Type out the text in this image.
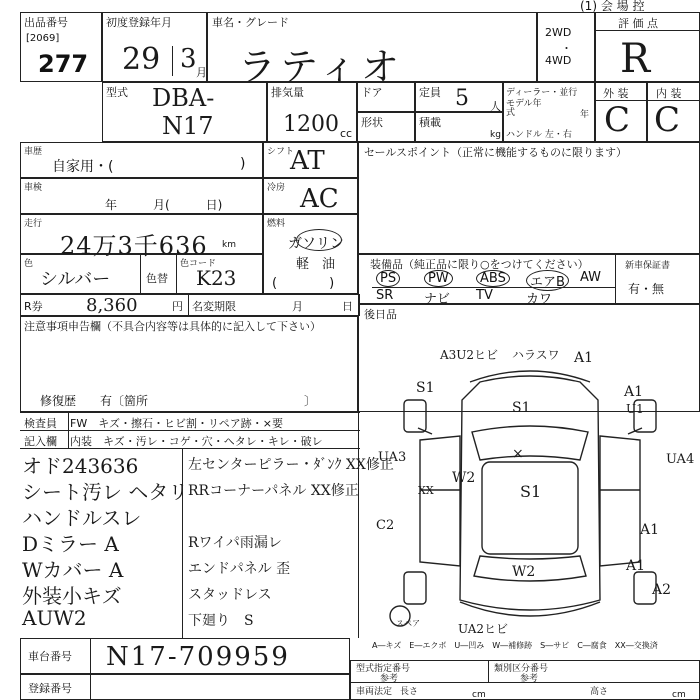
(1) 会 場 控
出品番号
[2069]
277
初度登録年月
29 3 月
車名・グレード
ラティオ
2WD
・
4WD
評 価 点
R
型式 DBA-
N17
排気量
1200 cc
ドア
形状
定員 5 人
積載
kg
ディーラー・並行
モデル年式	年
ハンドル 左・右
外 装	内 装
C C
車歴
自家用・(	)
シフト
AT
車検
年　　　月(　　　日)
冷房 AC
走行
24万3千636 km
燃料
ガソリン
軽　油
(　　　　)
色
シルバー	色替
色コード
K23
R券 8,360	円 名変期限	月	日
セールスポイント（正常に機能するものに限ります）
装備品（純正品に限り○をつけてください）	新車保証書
有・無
PS	PW	ABS	エアB	AW
SR ナビ TV	カワ
後日品
注意事項申告欄（不具合内容等は具体的に記入して下さい）
修復歴　　有〔箇所　　　　　　　　　　　　　〕
検査員 FW　キズ・擦石・ヒビ割・リペア跡・×要
記入欄 内装　キズ・汚レ・コゲ・穴・ヘタレ・キレ・破レ
オド243636
シート汚レ ヘタリ
ハンドルスレ
Dミラー A
Wカバー A
外装小キズ
AUW2
左センターピラー・ﾀﾞﾝｸ XX修正
RRコーナーパネル XX修正
Rワイパ雨漏レ
エンドパネル 歪
スタッドレス
下廻り　S
A3U2ヒビ ハラスワ A1
S1	A1
U1
×
UA3	UA4
W2
S1
XX
S1
C2	A1
W2	A1
A2
UA2ヒビ
スペア
A―キズ　E―エクボ　U―凹み　W―補修跡　S―サビ　C―腐食　XX―交換済
車台番号 N17-709959
登録番号
型式指定番号
参考
類別区分番号
参考
車両法定 長さ	cm	高さ	cm
